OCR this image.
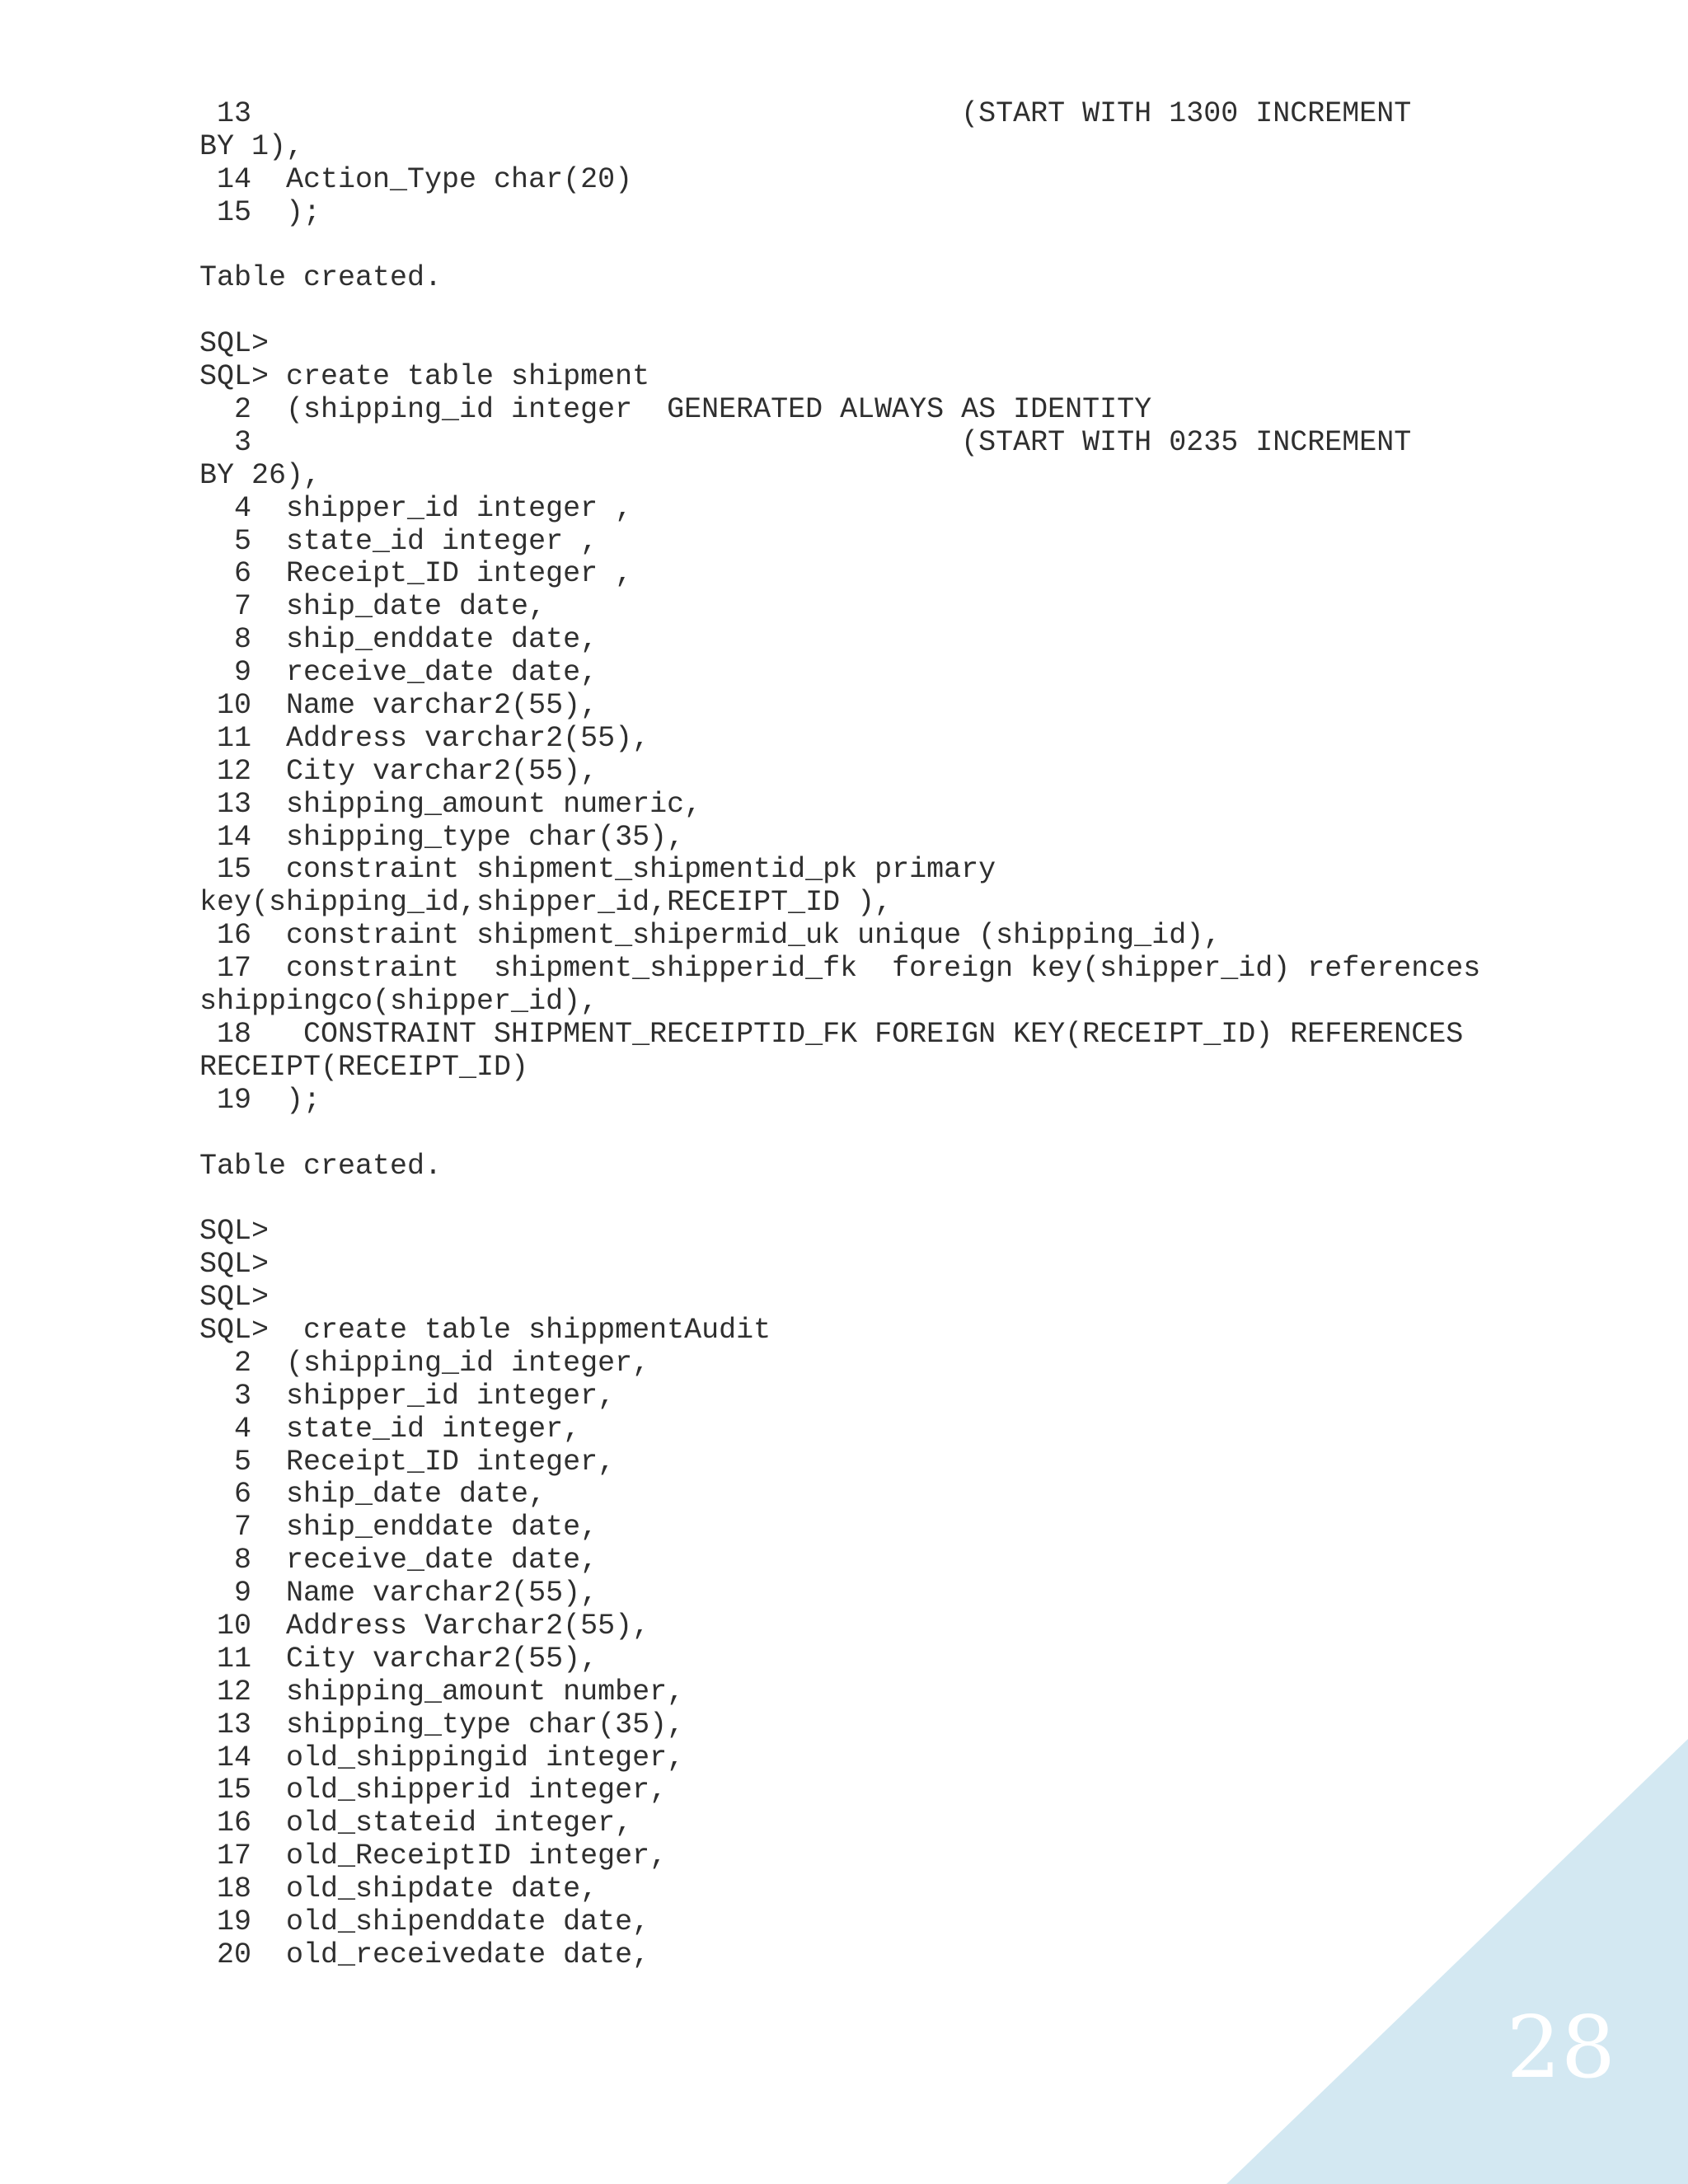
13                                         (START WITH 1300 INCREMENT
BY 1),
14  Action_Type char(20)
15  );

Table created.

SQL>
SQL> create table shipment
2  (shipping_id integer  GENERATED ALWAYS AS IDENTITY
3                                         (START WITH 0235 INCREMENT
BY 26),
4  shipper_id integer ,
5  state_id integer ,
6  Receipt_ID integer ,
7  ship_date date,
8  ship_enddate date,
9  receive_date date,
10  Name varchar2(55),
11  Address varchar2(55),
12  City varchar2(55),
13  shipping_amount numeric,
14  shipping_type char(35),
15  constraint shipment_shipmentid_pk primary
key(shipping_id,shipper_id,RECEIPT_ID ),
16  constraint shipment_shipermid_uk unique (shipping_id),
17  constraint  shipment_shipperid_fk  foreign key(shipper_id) references
shippingco(shipper_id),
18   CONSTRAINT SHIPMENT_RECEIPTID_FK FOREIGN KEY(RECEIPT_ID) REFERENCES
RECEIPT(RECEIPT_ID)
19  );

Table created.

SQL>
SQL>
SQL>
SQL>  create table shippmentAudit
2  (shipping_id integer,
3  shipper_id integer,
4  state_id integer,
5  Receipt_ID integer,
6  ship_date date,
7  ship_enddate date,
8  receive_date date,
9  Name varchar2(55),
10  Address Varchar2(55),
11  City varchar2(55),
12  shipping_amount number,
13  shipping_type char(35),
14  old_shippingid integer,
15  old_shipperid integer,
16  old_stateid integer,
17  old_ReceiptID integer,
18  old_shipdate date,
19  old_shipenddate date,
20  old_receivedate date,
28
